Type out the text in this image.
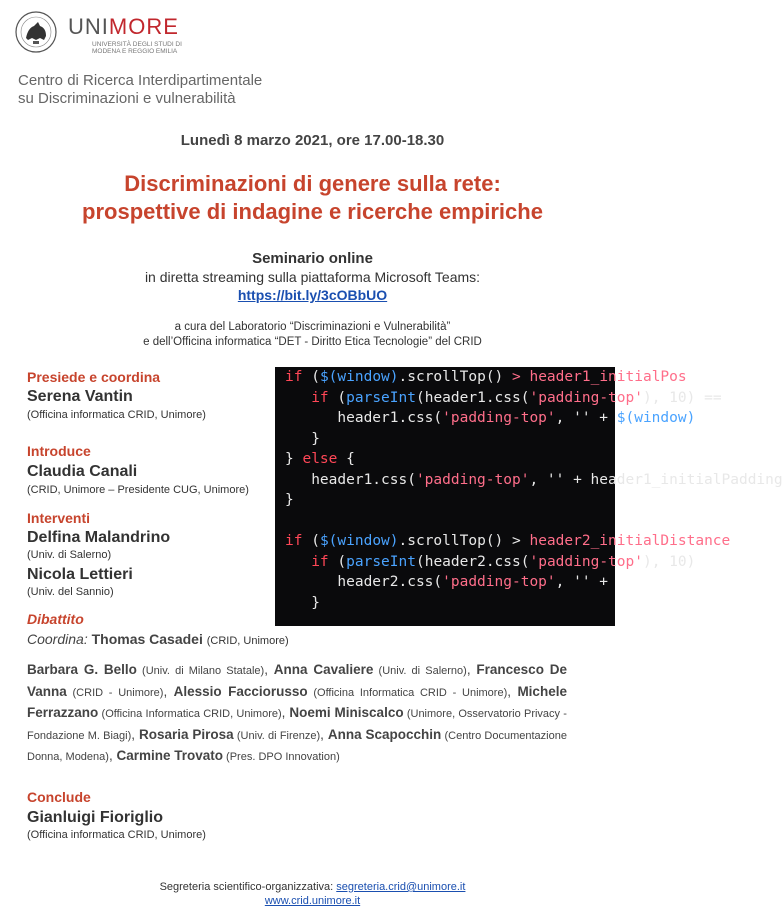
UNIMORE
UNIVERSITÀ DEGLI STUDI DI
MODENA E REGGIO EMILIA
Centro di Ricerca Interdipartimentale
su Discriminazioni e vulnerabilità
Lunedì 8 marzo 2021, ore 17.00-18.30
Discriminazioni di genere sulla rete:
prospettive di indagine e ricerche empiriche
Seminario online
in diretta streaming sulla piattaforma Microsoft Teams:
https://bit.ly/3cOBbUO
a cura del Laboratorio “Discriminazioni e Vulnerabilità”
e dell’Officina informatica “DET - Diritto Etica Tecnologie” del CRID
Presiede e coordina
Serena Vantin
(Officina informatica CRID, Unimore)
Introduce
Claudia Canali
(CRID, Unimore – Presidente CUG, Unimore)
Interventi
Delfina Malandrino
(Univ. di Salerno)
Nicola Lettieri
(Univ. del Sannio)
Dibattito
Coordina: Thomas Casadei (CRID, Unimore)
if ($(window).scrollTop() > header1_initialPos
if (parseInt(header1.css('padding-top'), 10) ==
header1.css('padding-top', '' + $(window)
}
} else {
header1.css('padding-top', '' + header1_initialPadding
}

if ($(window).scrollTop() > header2_initialDistance
if (parseInt(header2.css('padding-top'), 10)
header2.css('padding-top', '' +
}
Barbara G. Bello (Univ. di Milano Statale), Anna Cavaliere (Univ. di Salerno), Francesco De Vanna (CRID - Unimore), Alessio Facciorusso (Officina Informatica CRID - Unimore), Michele Ferrazzano (Officina Informatica CRID, Unimore), Noemi Miniscalco (Unimore, Osservatorio Privacy - Fondazione M. Biagi), Rosaria Pirosa (Univ. di Firenze), Anna Scapocchin (Centro Documentazione Donna, Modena), Carmine Trovato (Pres. DPO Innovation)
Conclude
Gianluigi Fioriglio
(Officina informatica CRID, Unimore)
Segreteria scientifico-organizzativa: segreteria.crid@unimore.it
www.crid.unimore.it
